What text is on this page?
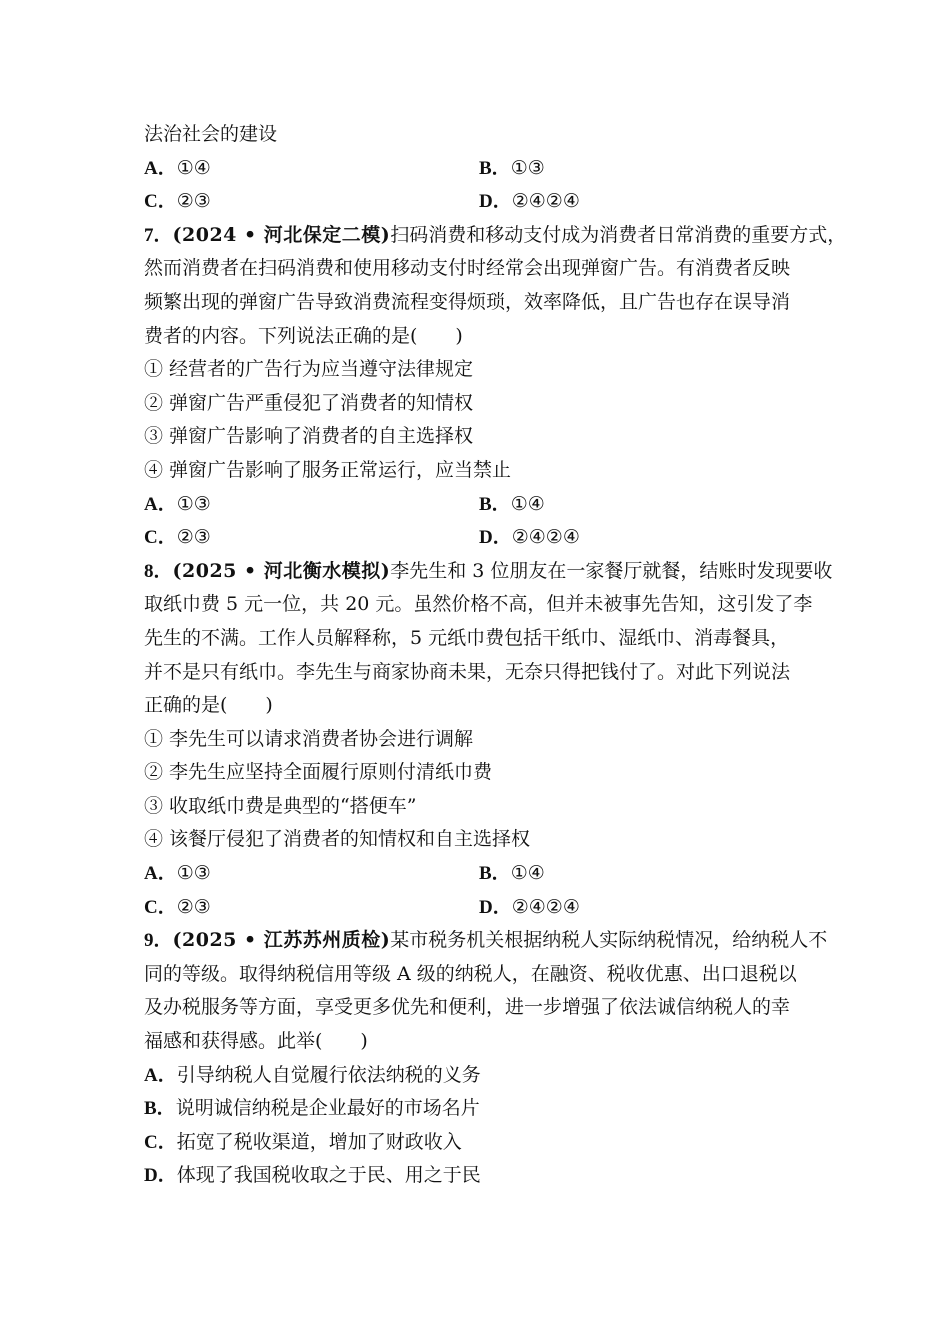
法治社会的建设
A．①④	B．①③
C．②③	D．②④②④
7．(2024 • 河北保定二模)扫码消费和移动支付成为消费者日常消费的重要方式，
然而消费者在扫码消费和使用移动支付时经常会出现弹窗广告。有消费者反映
频繁出现的弹窗广告导致消费流程变得烦琐，效率降低，且广告也存在误导消
费者的内容。下列说法正确的是(　　)
① 经营者的广告行为应当遵守法律规定
② 弹窗广告严重侵犯了消费者的知情权
③ 弹窗广告影响了消费者的自主选择权
④ 弹窗广告影响了服务正常运行，应当禁止
A．①③	B．①④
C．②③	D．②④②④
8．(2025 • 河北衡水模拟)李先生和 3 位朋友在一家餐厅就餐，结账时发现要收
取纸巾费 5 元一位，共 20 元。虽然价格不高，但并未被事先告知，这引发了李
先生的不满。工作人员解释称，5 元纸巾费包括干纸巾、湿纸巾、消毒餐具，
并不是只有纸巾。李先生与商家协商未果，无奈只得把钱付了。对此下列说法
正确的是(　　)
① 李先生可以请求消费者协会进行调解
② 李先生应坚持全面履行原则付清纸巾费
③ 收取纸巾费是典型的“搭便车”
④ 该餐厅侵犯了消费者的知情权和自主选择权
A．①③	B．①④
C．②③	D．②④②④
9．(2025 • 江苏苏州质检)某市税务机关根据纳税人实际纳税情况，给纳税人不
同的等级。取得纳税信用等级 A 级的纳税人，在融资、税收优惠、出口退税以
及办税服务等方面，享受更多优先和便利，进一步增强了依法诚信纳税人的幸
福感和获得感。此举(　　)
A．引导纳税人自觉履行依法纳税的义务
B．说明诚信纳税是企业最好的市场名片
C．拓宽了税收渠道，增加了财政收入
D．体现了我国税收取之于民、用之于民
